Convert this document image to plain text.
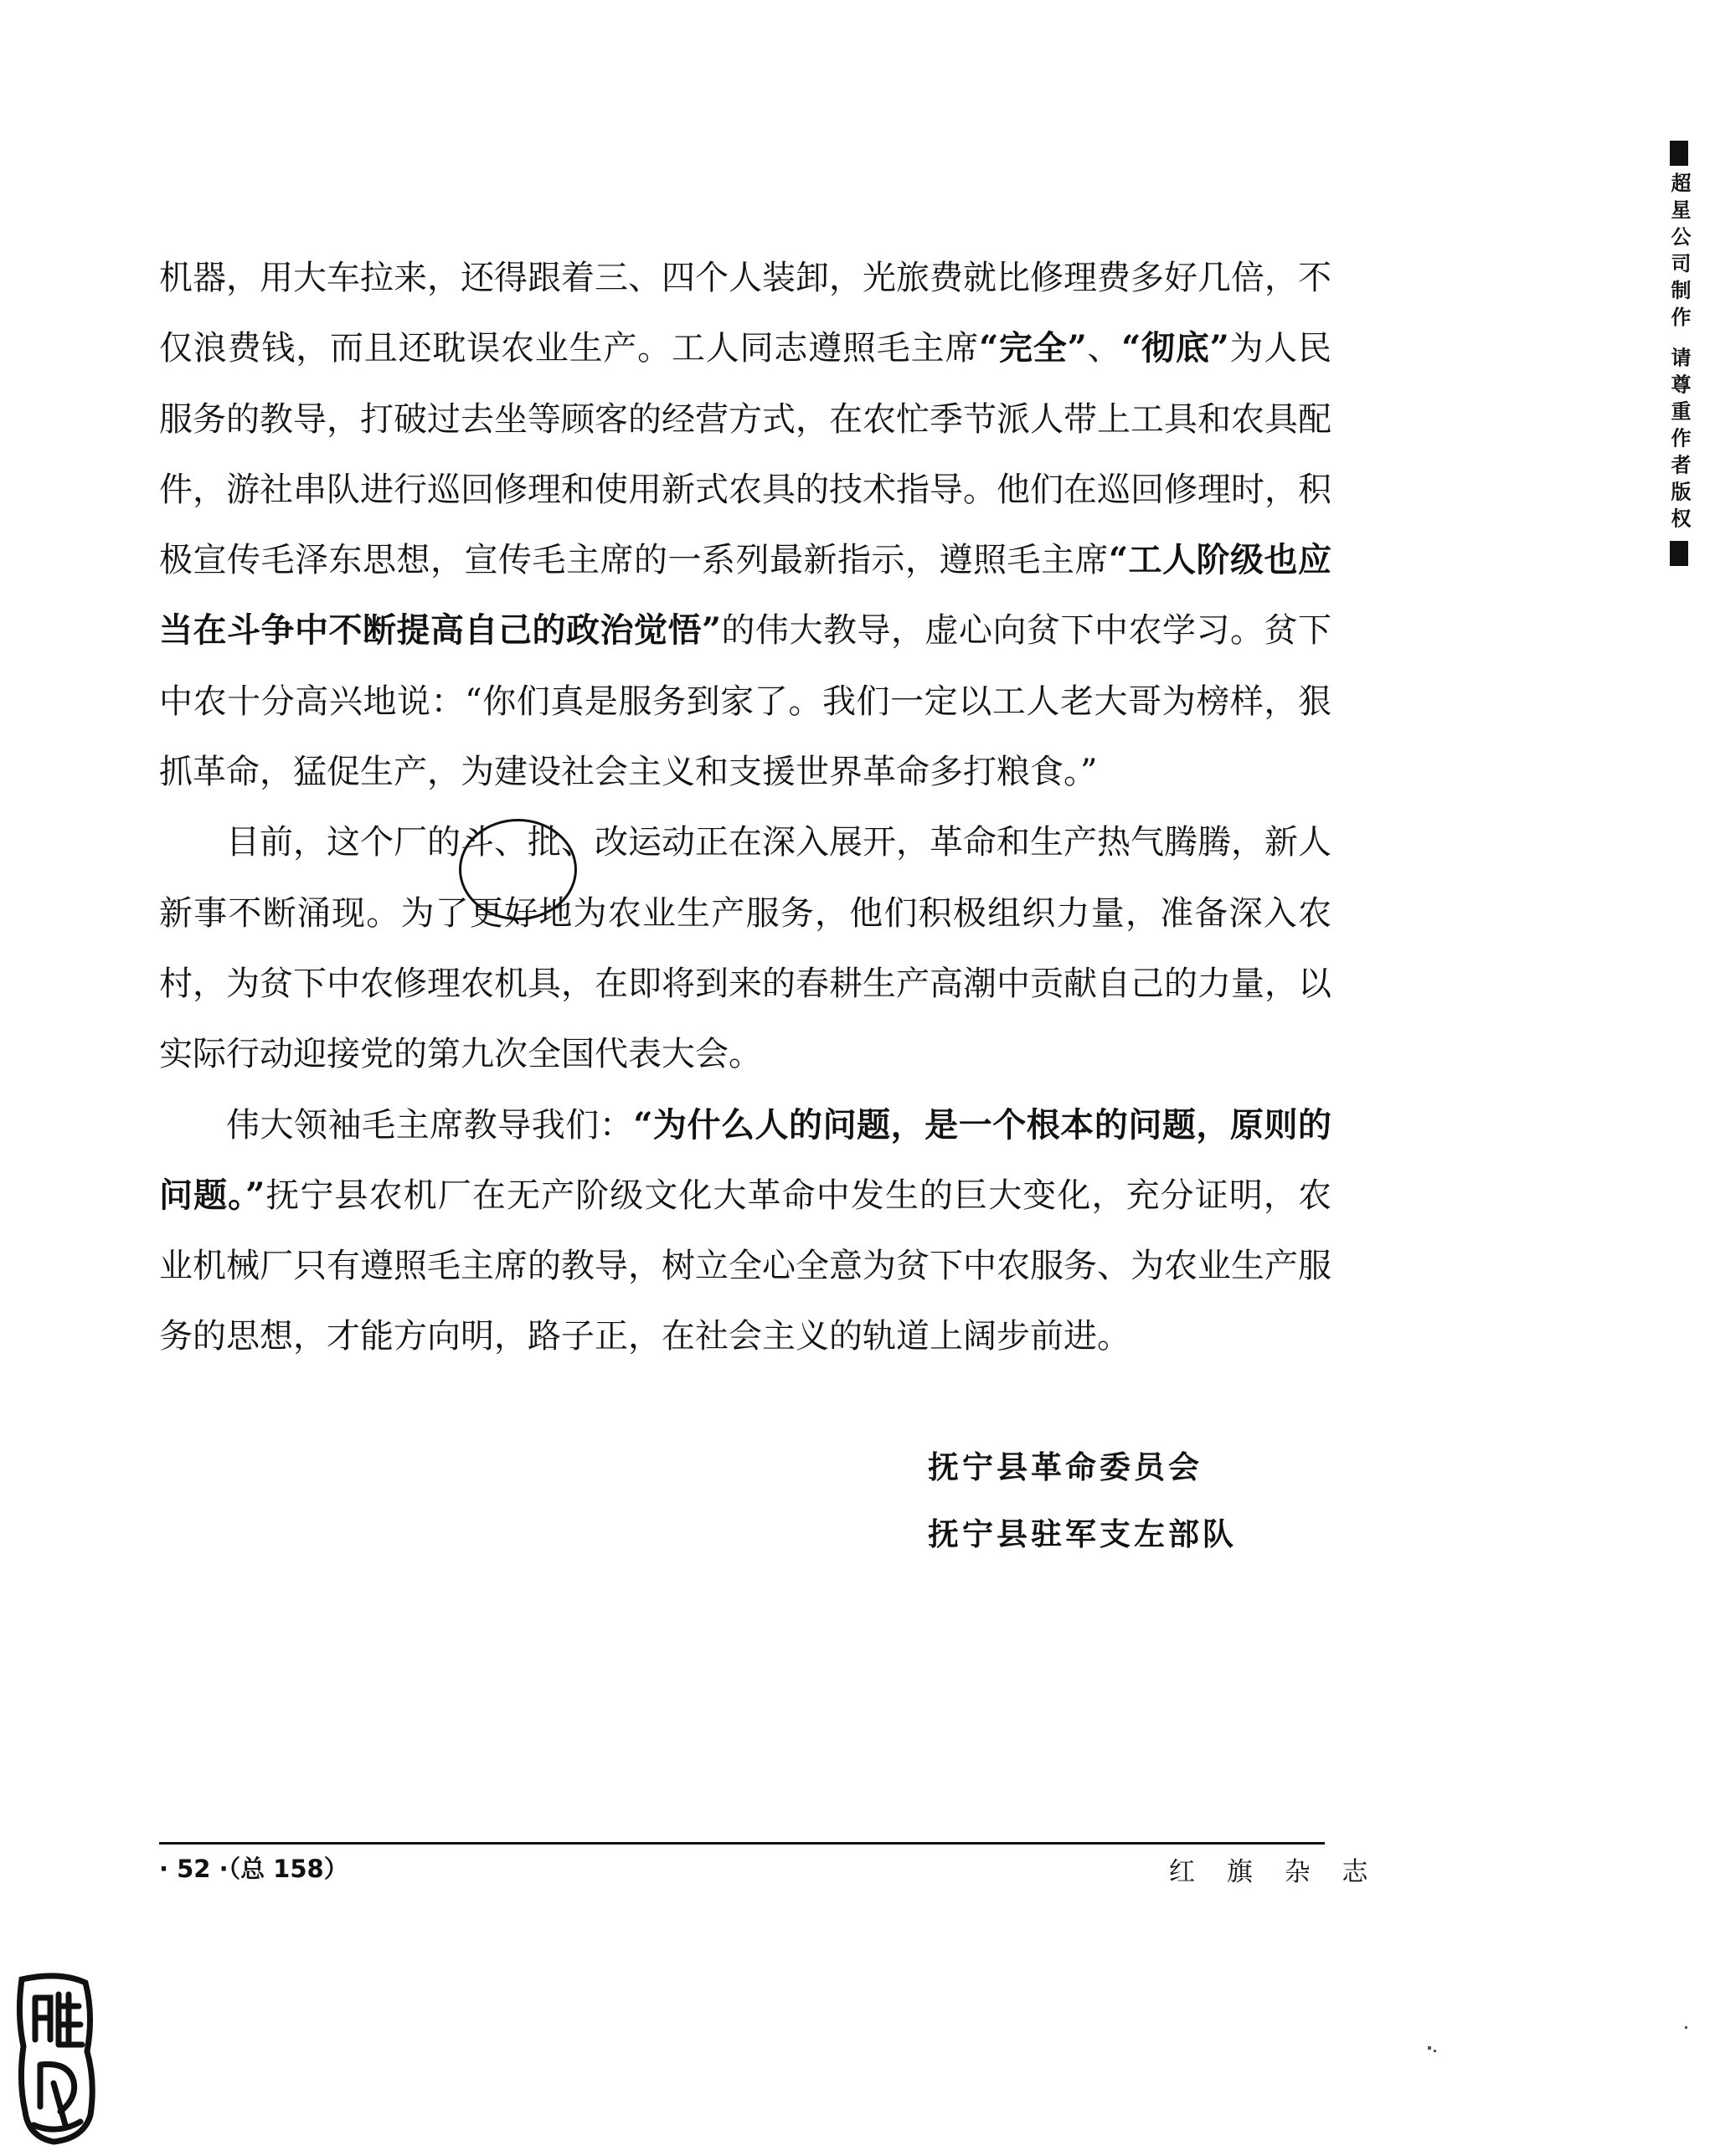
机器，用大车拉来，还得跟着三、四个人装卸，光旅费就比修理费多好几倍，不仅浪费钱，而且还耽误农业生产。工人同志遵照毛主席“完全”、“彻底”为人民服务的教导，打破过去坐等顾客的经营方式，在农忙季节派人带上工具和农具配件，游社串队进行巡回修理和使用新式农具的技术指导。他们在巡回修理时，积极宣传毛泽东思想，宣传毛主席的一系列最新指示，遵照毛主席“工人阶级也应当在斗争中不断提高自己的政治觉悟”的伟大教导，虚心向贫下中农学习。贫下中农十分高兴地说：“你们真是服务到家了。我们一定以工人老大哥为榜样，狠抓革命，猛促生产，为建设社会主义和支援世界革命多打粮食。”

目前，这个厂的斗、批、改运动正在深入展开，革命和生产热气腾腾，新人新事不断涌现。为了更好地为农业生产服务，他们积极组织力量，准备深入农村，为贫下中农修理农机具，在即将到来的春耕生产高潮中贡献自己的力量，以实际行动迎接党的第九次全国代表大会。

伟大领袖毛主席教导我们：“为什么人的问题，是一个根本的问题，原则的问题。”抚宁县农机厂在无产阶级文化大革命中发生的巨大变化，充分证明，农业机械厂只有遵照毛主席的教导，树立全心全意为贫下中农服务、为农业生产服务的思想，才能方向明，路子正，在社会主义的轨道上阔步前进。

抚宁县革命委员会
抚宁县驻军支左部队
· 52 ·（总 158）	红 旗 杂 志
超星公司制作 请尊重作者版权
